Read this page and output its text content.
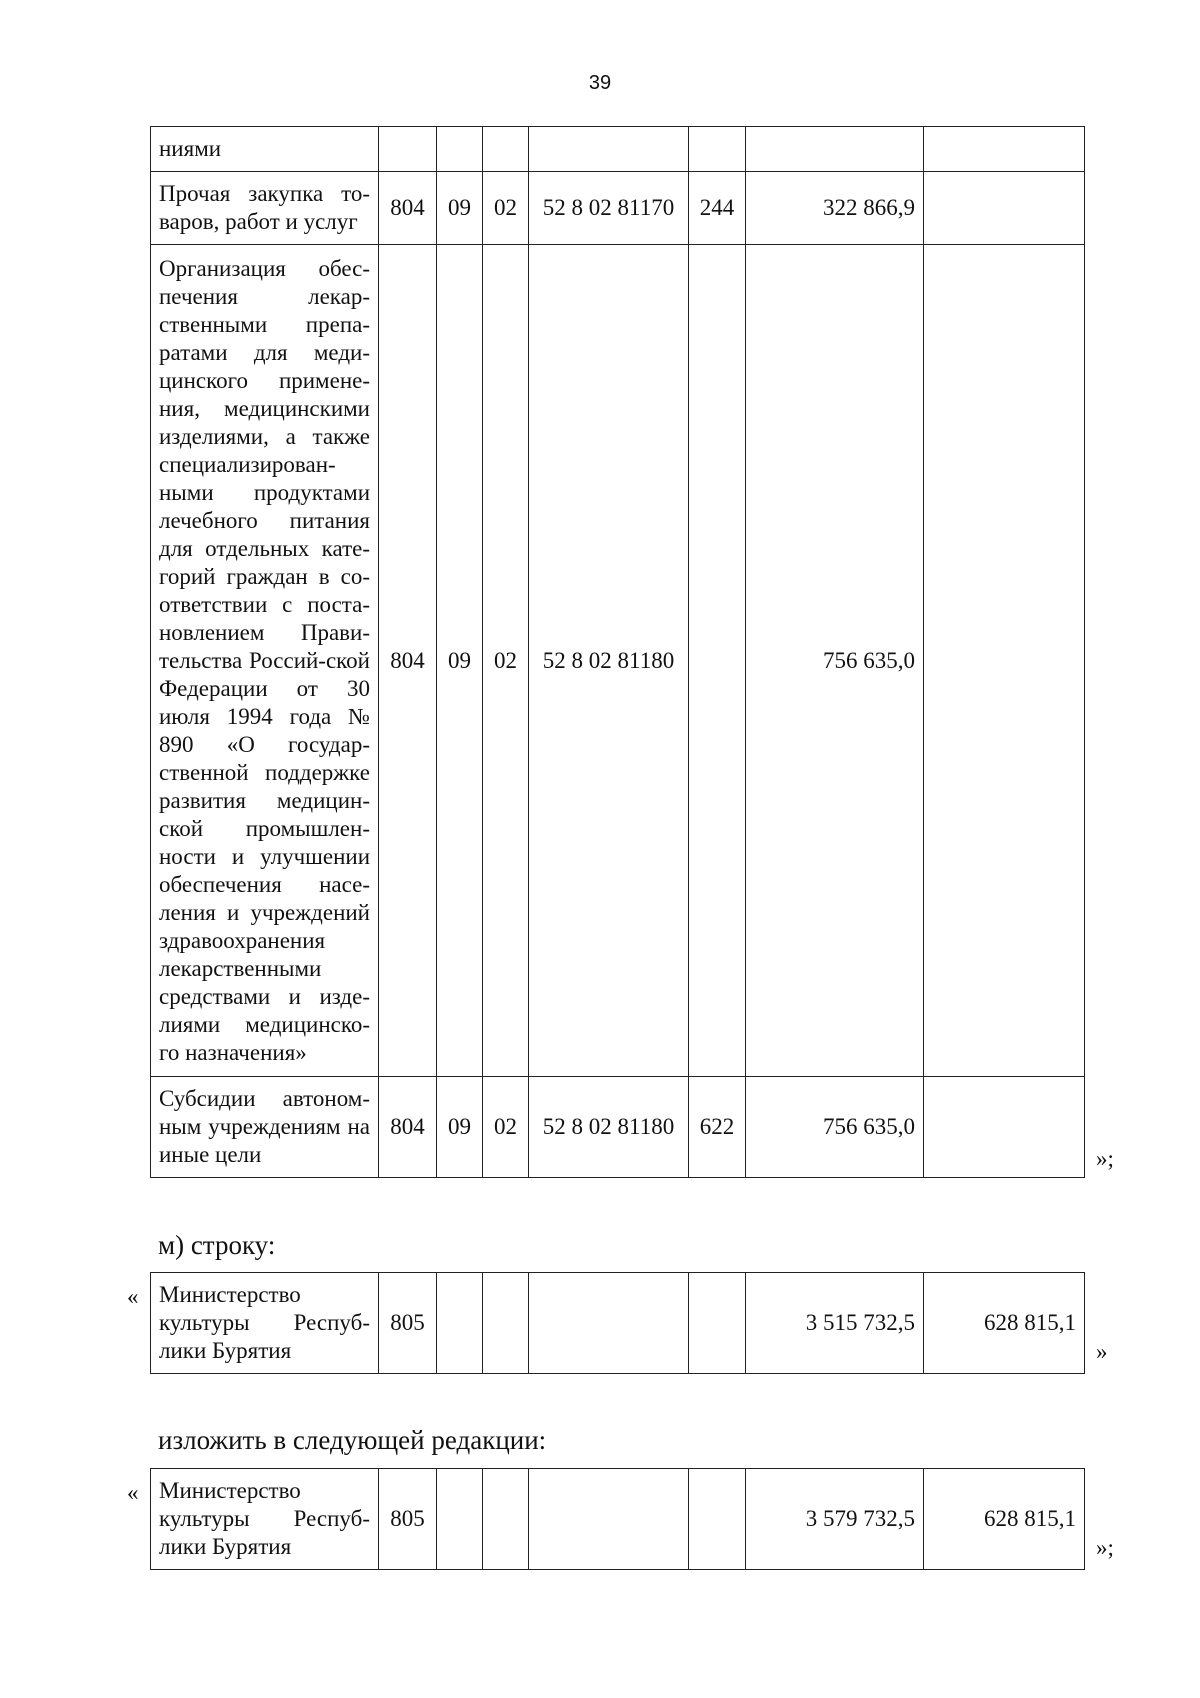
39
ниями							
Прочая закупка то-варов, работ и услуг	804	09	02	52 8 02 81170	244	322 866,9	
Организация обес-печения лекар-ственными препа-ратами для меди-цинского примене-ния, медицинскими изделиями, а также специализирован-ными продуктами лечебного питания для отдельных кате-горий граждан в со-ответствии с поста-новлением Прави-тельства Россий-ской Федерации от 30 июля 1994 года № 890 «О государ-ственной поддержке развития медицин-ской промышлен-ности и улучшении обеспечения насе-ления и учреждений здравоохранения лекарственными средствами и изде-лиями медицинско-го назначения»	804	09	02	52 8 02 81180		756 635,0	
Субсидии автоном-ным учреждениям на иные цели	804	09	02	52 8 02 81180	622	756 635,0	
»;
м) строку:
« Министерство культуры Респуб-лики Бурятия	805					3 515 732,5	628 815,1
»
изложить в следующей редакции:
« Министерство культуры Респуб-лики Бурятия	805					3 579 732,5	628 815,1
»;
